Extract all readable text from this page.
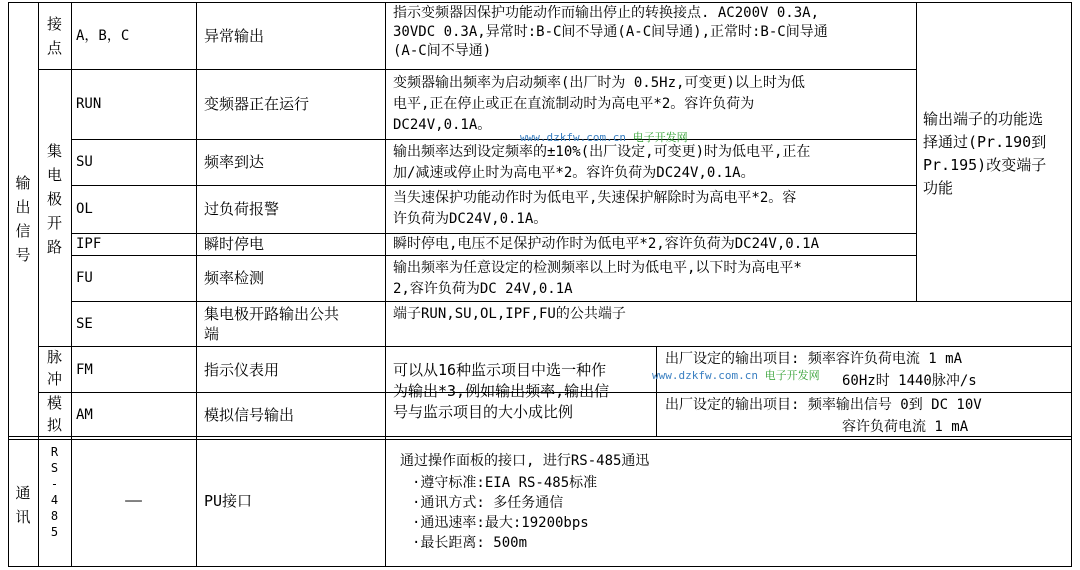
输
出
信
号
通
讯
接
点
集
电
极
开
路
脉
冲
模
拟
R
S
-
4
8
5
A，B，C
RUN
SU
OL
IPF
FU
SE
FM
AM
——
异常输出
变频器正在运行
频率到达
过负荷报警
瞬时停电
频率检测
集电极开路输出公共
端
指示仪表用
模拟信号输出
PU接口
指示变频器因保护功能动作而输出停止的转换接点. AC200V 0.3A,
30VDC 0.3A,异常时:B-C间不导通(A-C间导通),正常时:B-C间导通
(A-C间不导通)
变频器输出频率为启动频率(出厂时为 0.5Hz,可变更)以上时为低
电平,正在停止或正在直流制动时为高电平*2。容许负荷为
DC24V,0.1A。
输出频率达到设定频率的±10%(出厂设定,可变更)时为低电平,正在
加/减速或停止时为高电平*2。容许负荷为DC24V,0.1A。
当失速保护功能动作时为低电平,失速保护解除时为高电平*2。容
许负荷为DC24V,0.1A。
瞬时停电,电压不足保护动作时为低电平*2,容许负荷为DC24V,0.1A
输出频率为任意设定的检测频率以上时为低电平,以下时为高电平*
2,容许负荷为DC 24V,0.1A
端子RUN,SU,OL,IPF,FU的公共端子
输出端子的功能选
择通过(Pr.190到
Pr.195)改变端子
功能
可以从16种监示项目中选一种作
为输出*3,例如输出频率,输出信
号与监示项目的大小成比例
出厂设定的输出项目: 频率容许负荷电流 1 mA
60Hz时 1440脉冲/s
出厂设定的输出项目: 频率输出信号 0到 DC 10V
容许负荷电流 1 mA
通过操作面板的接口, 进行RS-485通迅
·遵守标准:EIA RS-485标准
·通讯方式: 多任务通信
·通迅速率:最大:19200bps
·最长距离: 500m
www.dzkfw.com.cn 电子开发网
www.dzkfw.com.cn 电子开发网
